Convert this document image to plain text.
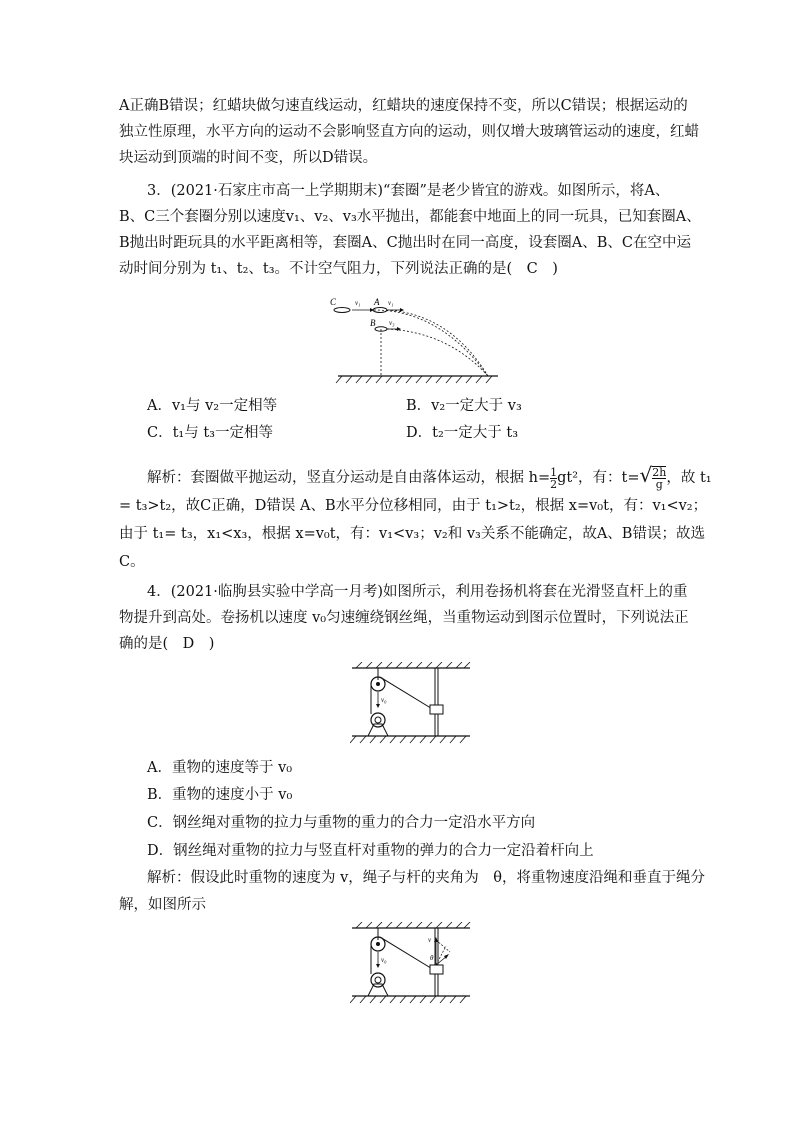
A正确B错误；红蜡块做匀速直线运动，红蜡块的速度保持不变，所以C错误；根据运动的
独立性原理，水平方向的运动不会影响竖直方向的运动，则仅增大玻璃管运动的速度，红蜡
块运动到顶端的时间不变，所以D错误。
3．(2021·石家庄市高一上学期期末)“套圈”是老少皆宜的游戏。如图所示，将A、
B、C三个套圈分别以速度v₁、v₂、v₃水平抛出，都能套中地面上的同一玩具，已知套圈A、
B抛出时距玩具的水平距离相等，套圈A、C抛出时在同一高度，设套圈A、B、C在空中运
动时间分别为 t₁、t₂、t₃。不计空气阻力，下列说法正确的是(　C　)
C	v₁ A v₁
B v₃
A．v₁与 v₂一定相等	B．v₂一定大于 v₃
C．t₁与 t₃一定相等	D．t₂一定大于 t₃
解析：套圈做平抛运动，竖直分运动是自由落体运动，根据 $h= \frac{1}{2} gt^2$，有：$t=√ \frac{2h}{g}$ ，故 t₁
= t₃>t₂，故C正确，D错误 A、B水平分位移相同，由于 t₁>t₂，根据 x=v₀t，有：v₁<v₂；
由于 t₁= t₃，x₁<x₃，根据 x=v₀t，有：v₁<v₃；v₂和 v₃关系不能确定，故A、B错误；故选
C。
4．(2021·临朐县实验中学高一月考)如图所示，利用卷扬机将套在光滑竖直杆上的重
物提升到高处。卷扬机以速度 v₀匀速缠绕钢丝绳，当重物运动到图示位置时，下列说法正
确的是(　D　)
v₀
A．重物的速度等于 v₀
B．重物的速度小于 v₀
C．钢丝绳对重物的拉力与重物的重力的合力一定沿水平方向
D．钢丝绳对重物的拉力与竖直杆对重物的弹力的合力一定沿着杆向上
解析：假设此时重物的速度为 v，绳子与杆的夹角为　θ，将重物速度沿绳和垂直于绳分
解，如图所示
v
θ
v₀
